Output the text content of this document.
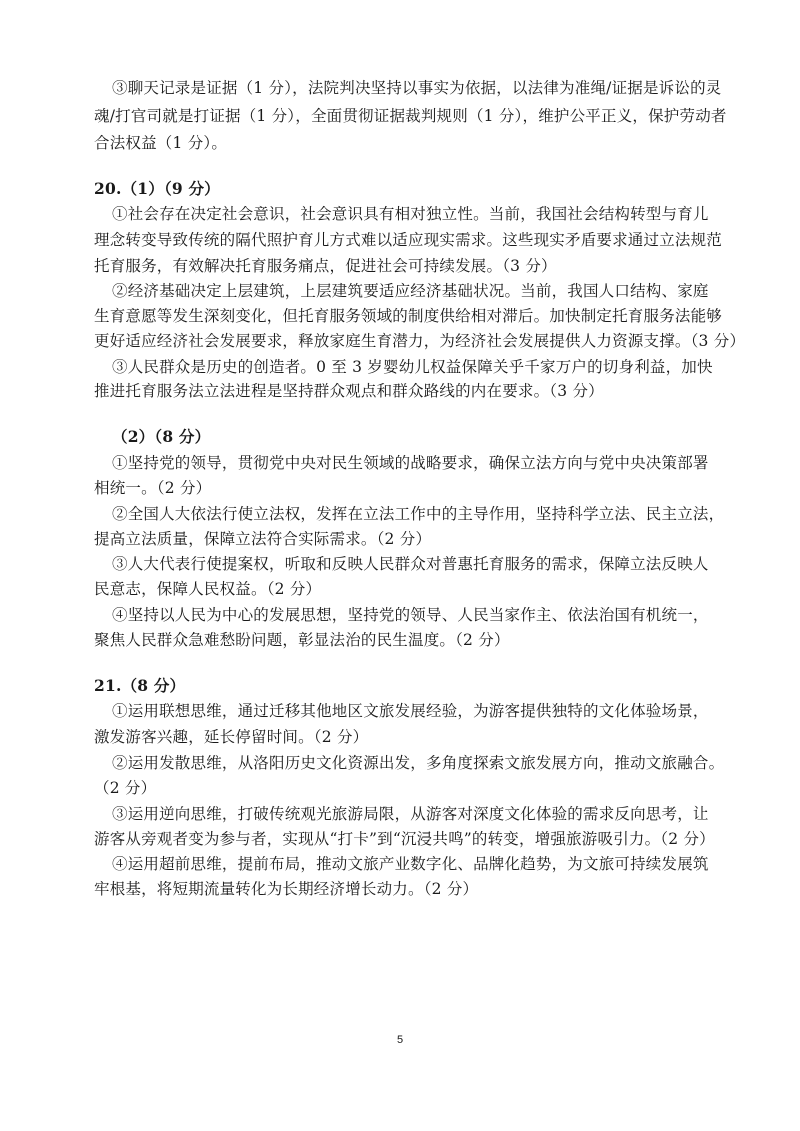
③聊天记录是证据（1 分），法院判决坚持以事实为依据，以法律为准绳/证据是诉讼的灵
魂/打官司就是打证据（1 分），全面贯彻证据裁判规则（1 分），维护公平正义，保护劳动者
合法权益（1 分）。
20.（1）（9 分）
①社会存在决定社会意识，社会意识具有相对独立性。当前，我国社会结构转型与育儿
理念转变导致传统的隔代照护育儿方式难以适应现实需求。这些现实矛盾要求通过立法规范
托育服务，有效解决托育服务痛点，促进社会可持续发展。（3 分）
②经济基础决定上层建筑，上层建筑要适应经济基础状况。当前，我国人口结构、家庭
生育意愿等发生深刻变化，但托育服务领域的制度供给相对滞后。加快制定托育服务法能够
更好适应经济社会发展要求，释放家庭生育潜力，为经济社会发展提供人力资源支撑。（3 分）
③人民群众是历史的创造者。0 至 3 岁婴幼儿权益保障关乎千家万户的切身利益，加快
推进托育服务法立法进程是坚持群众观点和群众路线的内在要求。（3 分）
（2）（8 分）
①坚持党的领导，贯彻党中央对民生领域的战略要求，确保立法方向与党中央决策部署
相统一。（2 分）
②全国人大依法行使立法权，发挥在立法工作中的主导作用，坚持科学立法、民主立法，
提高立法质量，保障立法符合实际需求。（2 分）
③人大代表行使提案权，听取和反映人民群众对普惠托育服务的需求，保障立法反映人
民意志，保障人民权益。（2 分）
④坚持以人民为中心的发展思想，坚持党的领导、人民当家作主、依法治国有机统一，
聚焦人民群众急难愁盼问题，彰显法治的民生温度。（2 分）
21.（8 分）
①运用联想思维，通过迁移其他地区文旅发展经验，为游客提供独特的文化体验场景，
激发游客兴趣，延长停留时间。（2 分）
②运用发散思维，从洛阳历史文化资源出发，多角度探索文旅发展方向，推动文旅融合。
（2 分）
③运用逆向思维，打破传统观光旅游局限，从游客对深度文化体验的需求反向思考，让
游客从旁观者变为参与者，实现从“打卡”到“沉浸共鸣”的转变，增强旅游吸引力。（2 分）
④运用超前思维，提前布局，推动文旅产业数字化、品牌化趋势，为文旅可持续发展筑
牢根基，将短期流量转化为长期经济增长动力。（2 分）
5
